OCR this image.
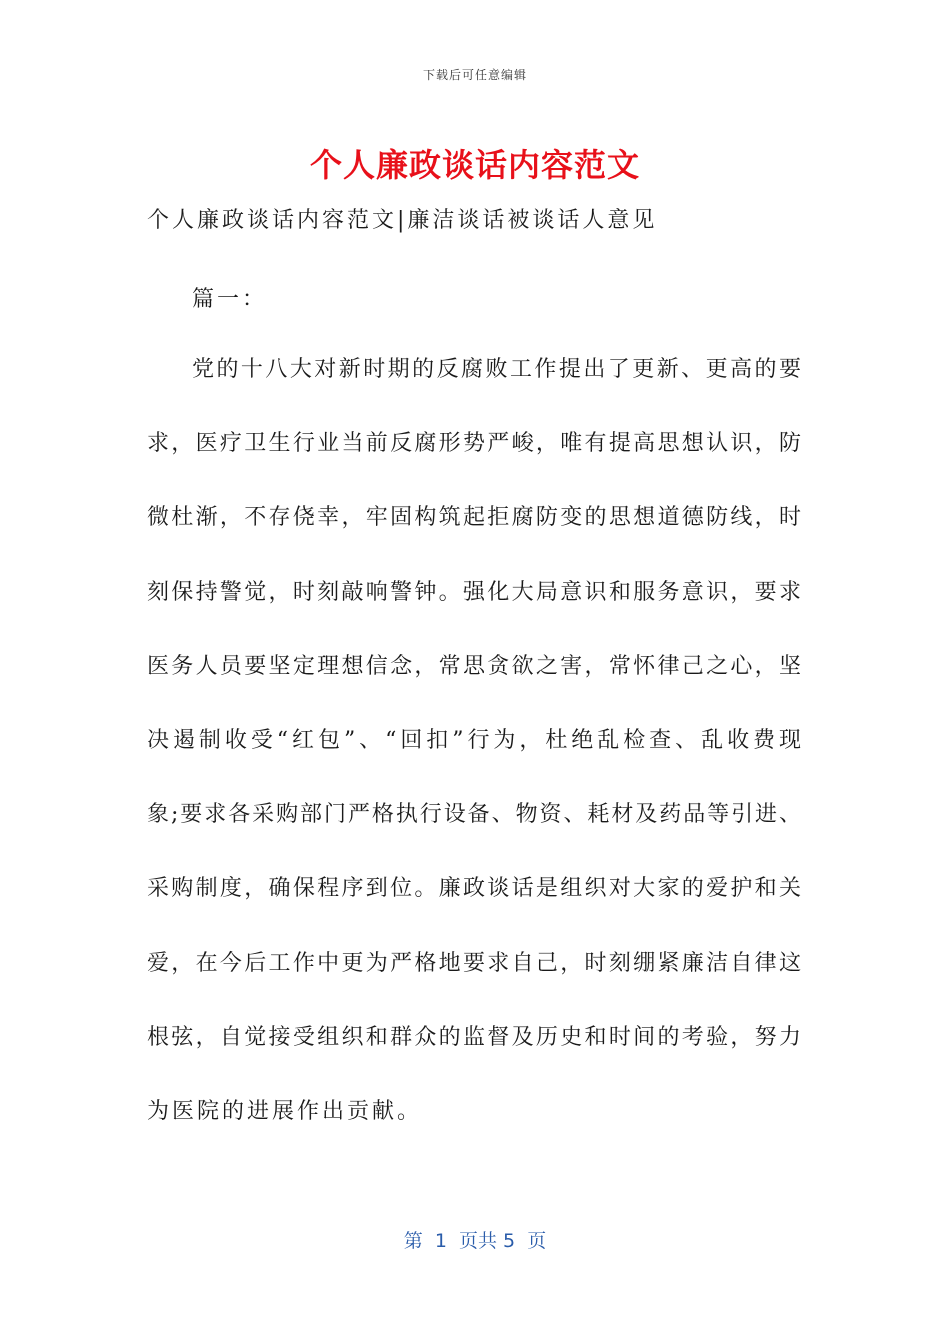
下载后可任意编辑
个人廉政谈话内容范文
个人廉政谈话内容范文|廉洁谈话被谈话人意见
篇一：
党的十八大对新时期的反腐败工作提出了更新、更高的要
求，医疗卫生行业当前反腐形势严峻，唯有提高思想认识，防
微杜渐，不存侥幸，牢固构筑起拒腐防变的思想道德防线，时
刻保持警觉，时刻敲响警钟。强化大局意识和服务意识，要求
医务人员要坚定理想信念，常思贪欲之害，常怀律己之心，坚
决遏制收受“红包”、“回扣”行为，杜绝乱检查、乱收费现
象;要求各采购部门严格执行设备、物资、耗材及药品等引进、
采购制度，确保程序到位。廉政谈话是组织对大家的爱护和关
爱，在今后工作中更为严格地要求自己，时刻绷紧廉洁自律这
根弦，自觉接受组织和群众的监督及历史和时间的考验，努力
为医院的进展作出贡献。
第  1  页共 5  页
